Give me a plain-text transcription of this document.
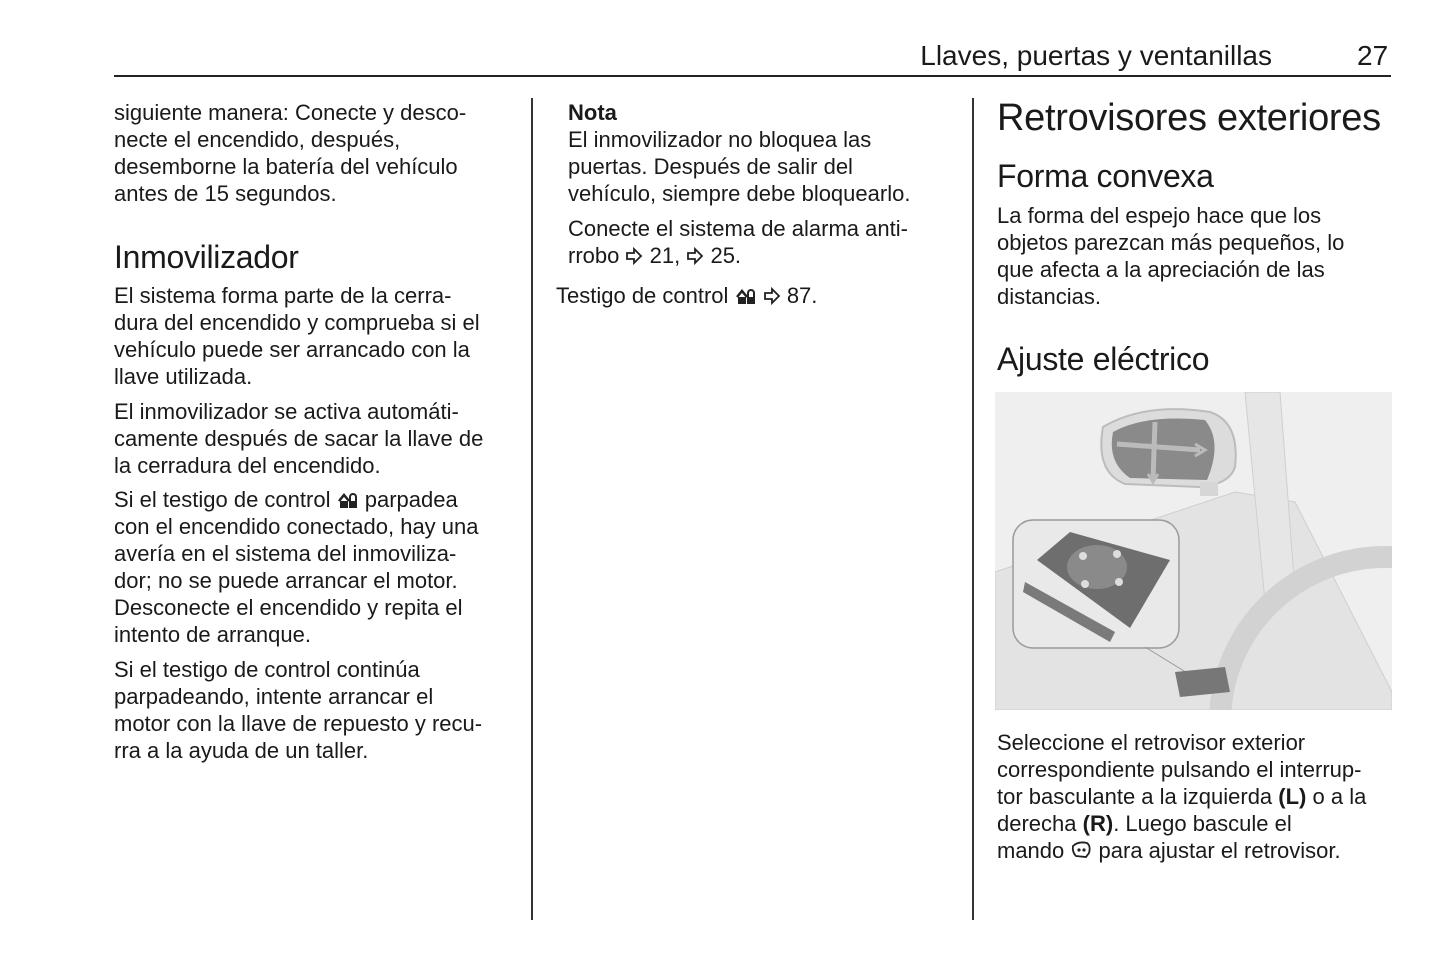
Llaves, puertas y ventanillas	27
siguiente manera: Conecte y desco-
necte el encendido, después,
desemborne la batería del vehículo
antes de 15 segundos.
Inmovilizador
El sistema forma parte de la cerra-
dura del encendido y comprueba si el
vehículo puede ser arrancado con la
llave utilizada.
El inmovilizador se activa automáti-
camente después de sacar la llave de
la cerradura del encendido.
Si el testigo de control parpadea
con el encendido conectado, hay una
avería en el sistema del inmoviliza-
dor; no se puede arrancar el motor.
Desconecte el encendido y repita el
intento de arranque.
Si el testigo de control continúa
parpadeando, intente arrancar el
motor con la llave de repuesto y recu-
rra a la ayuda de un taller.
Nota
El inmovilizador no bloquea las
puertas. Después de salir del
vehículo, siempre debe bloquearlo.
Conecte el sistema de alarma anti-
rrobo 21, 25.
Testigo de control	87.
Retrovisores exteriores
Forma convexa
La forma del espejo hace que los
objetos parezcan más pequeños, lo
que afecta a la apreciación de las
distancias.
Ajuste eléctrico
Seleccione el retrovisor exterior
correspondiente pulsando el interrup-
tor basculante a la izquierda (L) o a la
derecha (R). Luego bascule el
mando para ajustar el retrovisor.
